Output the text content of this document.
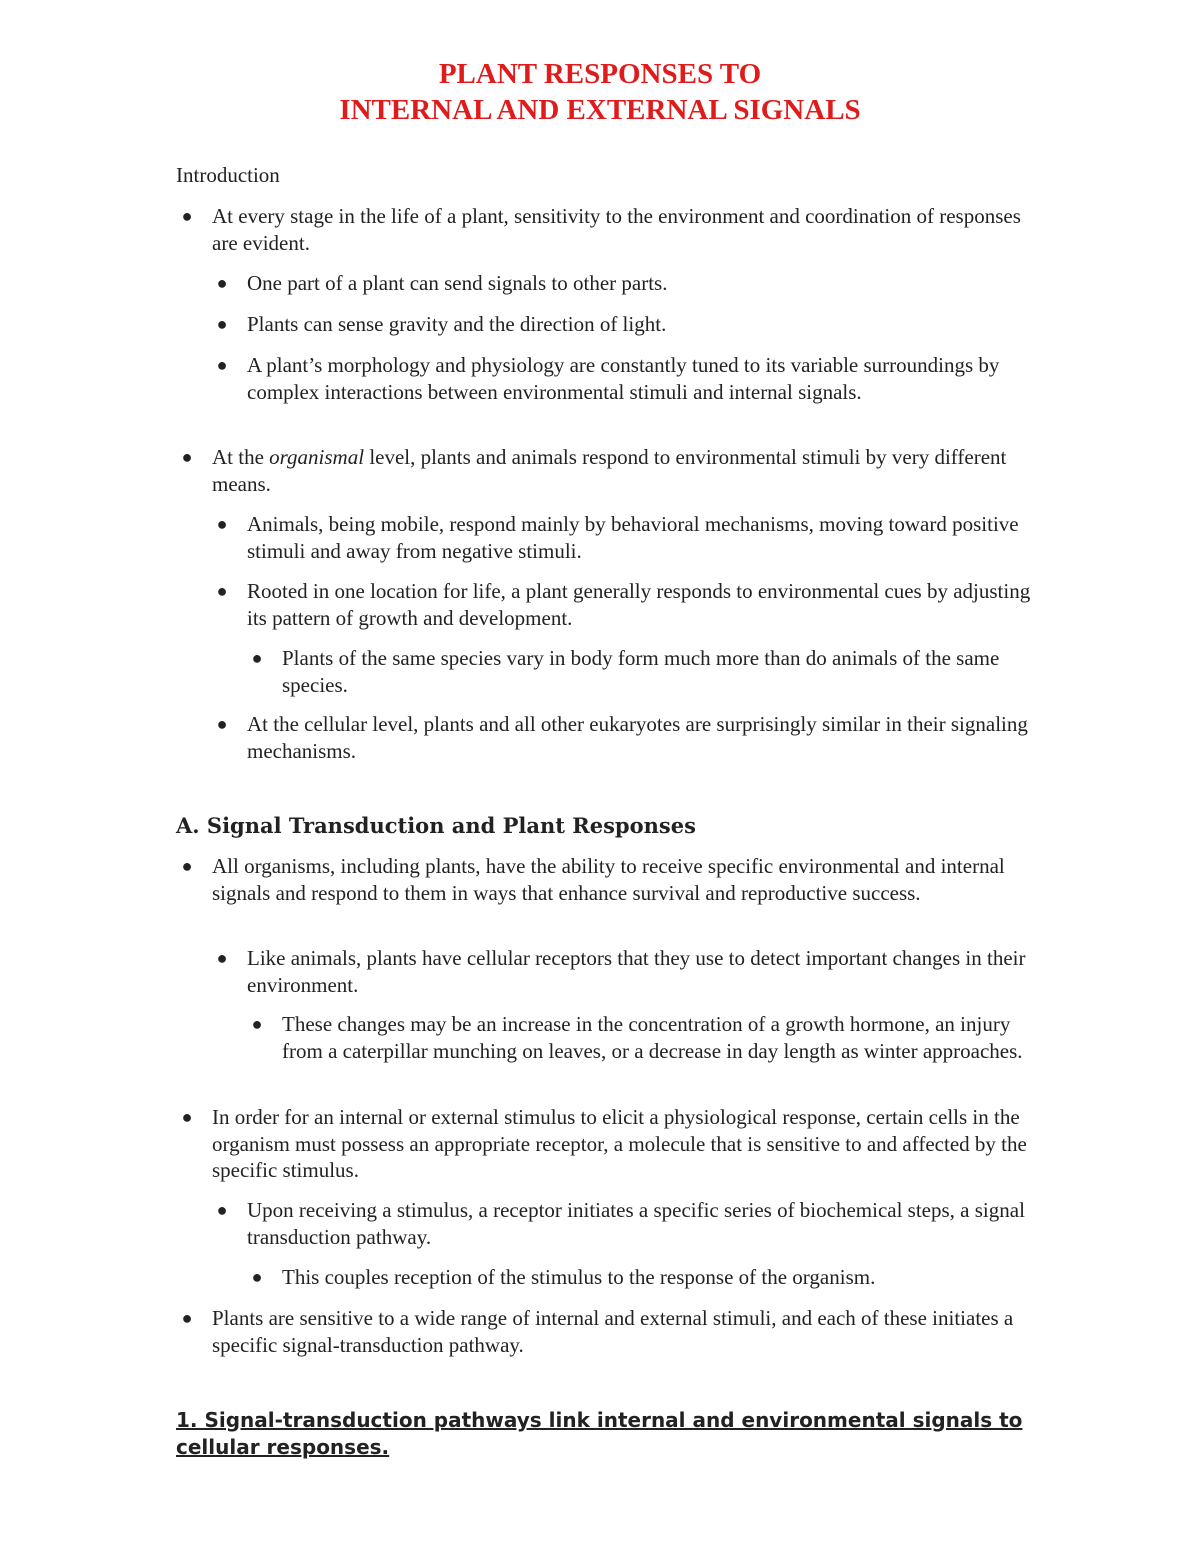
PLANT RESPONSES TO
INTERNAL AND EXTERNAL SIGNALS
Introduction
● At every stage in the life of a plant, sensitivity to the environment and coordination of responses are evident.
● One part of a plant can send signals to other parts.
● Plants can sense gravity and the direction of light.
● A plant’s morphology and physiology are constantly tuned to its variable surroundings by complex interactions between environmental stimuli and internal signals.
● At the organismal level, plants and animals respond to environmental stimuli by very different means.
● Animals, being mobile, respond mainly by behavioral mechanisms, moving toward positive stimuli and away from negative stimuli.
● Rooted in one location for life, a plant generally responds to environmental cues by adjusting its pattern of growth and development.
● Plants of the same species vary in body form much more than do animals of the same species.
● At the cellular level, plants and all other eukaryotes are surprisingly similar in their signaling mechanisms.
A. Signal Transduction and Plant Responses
● All organisms, including plants, have the ability to receive specific environmental and internal signals and respond to them in ways that enhance survival and reproductive success.
● Like animals, plants have cellular receptors that they use to detect important changes in their environment.
● These changes may be an increase in the concentration of a growth hormone, an injury from a caterpillar munching on leaves, or a decrease in day length as winter approaches.
● In order for an internal or external stimulus to elicit a physiological response, certain cells in the organism must possess an appropriate receptor, a molecule that is sensitive to and affected by the specific stimulus.
● Upon receiving a stimulus, a receptor initiates a specific series of biochemical steps, a signal transduction pathway.
● This couples reception of the stimulus to the response of the organism.
● Plants are sensitive to a wide range of internal and external stimuli, and each of these initiates a specific signal-transduction pathway.
1. Signal-transduction pathways link internal and environmental signals to cellular responses.
